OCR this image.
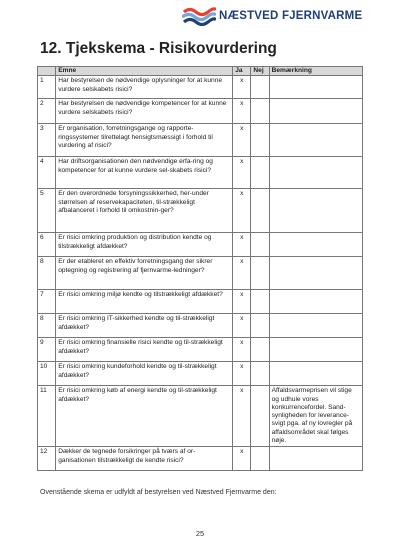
NÆSTVED FJERNVARME
12. Tjekskema - Risikovurdering
	Emne	Ja	Nej	Bemærkning
1	Har bestyrelsen de nødvendige oplysninger for at kunne vurdere selskabets risici?	x		
2	Har bestyrelsen de nødvendige kompetencer for at kunne vurdere selskabets risici?	x		
3	Er organisation, forretningsgange og rapporte-ringssystemer tilrettelagt hensigtsmæssigt i forhold til vurdering af risici?	x		
4	Har driftsorganisationen den nødvendige erfa-ring og kompetencer for at kunne vurdere sel-skabets risici?	x		
5	Er den overordnede forsyningssikkerhed, her-under størrelsen af reservekapaciteten, til-strækkeligt afbalanceret i forhold til omkostnin-ger?	x		
6	Er risici omkring produktion og distribution kendte og tilstrækkeligt afdækket?	x		
8	Er der etableret en effektiv forretningsgang der sikrer optegning og registrering af fjernvarme-ledninger?	x		
7	Er risici omkring miljø kendte og tilstrækkeligt afdækket?	x		
8	Er risici omkring IT-sikkerhed kendte og til-strækkeligt afdækket?	x		
9	Er risici omkring finansielle risici kendte og til-strækkeligt afdækket?	x		
10	Er risici omkring kundeforhold kendte og til-strækkeligt afdækket?	x		
11	Er risici omkring køb af energi kendte og til-strækkeligt afdækket?	x		Affaldsvarmeprisen vil stige og udhule vores konkurrencefordel. Sand-synligheden for leverance-svigt pga. af ny lovregler på affaldsområdet skal følges nøje.
12	Dækker de tegnede forsikringer på tværs af or-ganisationen tilstrækkeligt de kendte risici?	x		
Ovenstående skema er udfyldt af bestyrelsen ved Næstved Fjernvarme den:
25
